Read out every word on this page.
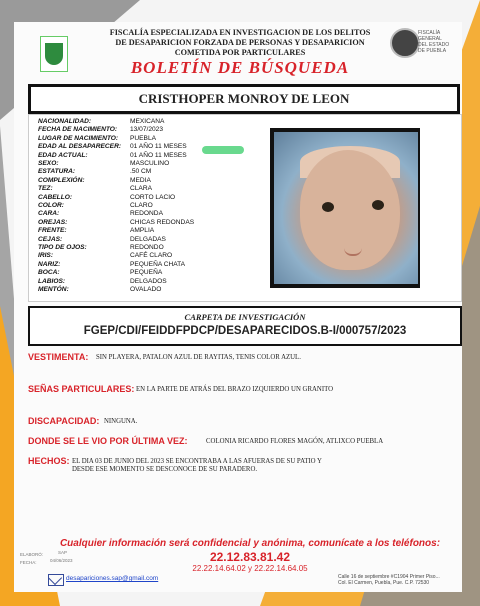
FISCALÍA GENERAL DEL ESTADO DE PUEBLA
FISCALÍA ESPECIALIZADA EN INVESTIGACION DE LOS DELITOS
DE DESAPARICION FORZADA DE PERSONAS Y DESAPARICION
COMETIDA POR PARTICULARES
BOLETÍN DE BÚSQUEDA
CRISTHOPER MONROY DE LEON
NACIONALIDAD:	MEXICANA
FECHA DE NACIMIENTO: 13/07/2023
LUGAR DE NACIMIENTO: PUEBLA
EDAD AL DESAPARECER: 01 AÑO 11 MESES
EDAD ACTUAL:	01 AÑO 11 MESES
SEXO:	MASCULINO
ESTATURA:	.50 CM
COMPLEXIÓN:	MEDIA
TEZ:	CLARA
CABELLO:	CORTO LACIO
COLOR:	CLARO
CARA:	REDONDA
OREJAS:	CHICAS REDONDAS
FRENTE:	AMPLIA
CEJAS:	DELGADAS
TIPO DE OJOS:	REDONDO
IRIS:	CAFÉ CLARO
NARIZ:	PEQUEÑA CHATA
BOCA:	PEQUEÑA
LABIOS:	DELGADOS
MENTÓN:	OVALADO
CARPETA DE INVESTIGACIÓN
FGEP/CDI/FEIDDFPDCP/DESAPARECIDOS.B-I/000757/2023
VESTIMENTA: SIN PLAYERA, PATALON AZUL DE RAYITAS, TENIS COLOR AZUL.
SEÑAS PARTICULARES: EN LA PARTE DE ATRÁS DEL BRAZO IZQUIERDO UN GRANITO
DISCAPACIDAD: NINGUNA.
DONDE SE LE VIO POR ÚLTIMA VEZ:	COLONIA RICARDO FLORES MAGÓN, ATLIXCO PUEBLA
HECHOS: EL DIA 03 DE JUNIO DEL 2023 SE ENCONTRABA A LAS AFUERAS DE SU PATIO Y
DESDE ESE MOMENTO SE DESCONOCE DE SU PARADERO.
Cualquier información será confidencial y anónima, comunícate a los teléfonos:
22.12.83.81.42
22.22.14.64.02 y 22.22.14.64.05
ELABORÓ:	SAP
FECHA:	04/06/2023
desapariciones.sap@gmail.com	Calle 16 de septiembre #C1904 Primer Piso...
Col. El Carmen, Puebla, Pue. C.P. 72530
